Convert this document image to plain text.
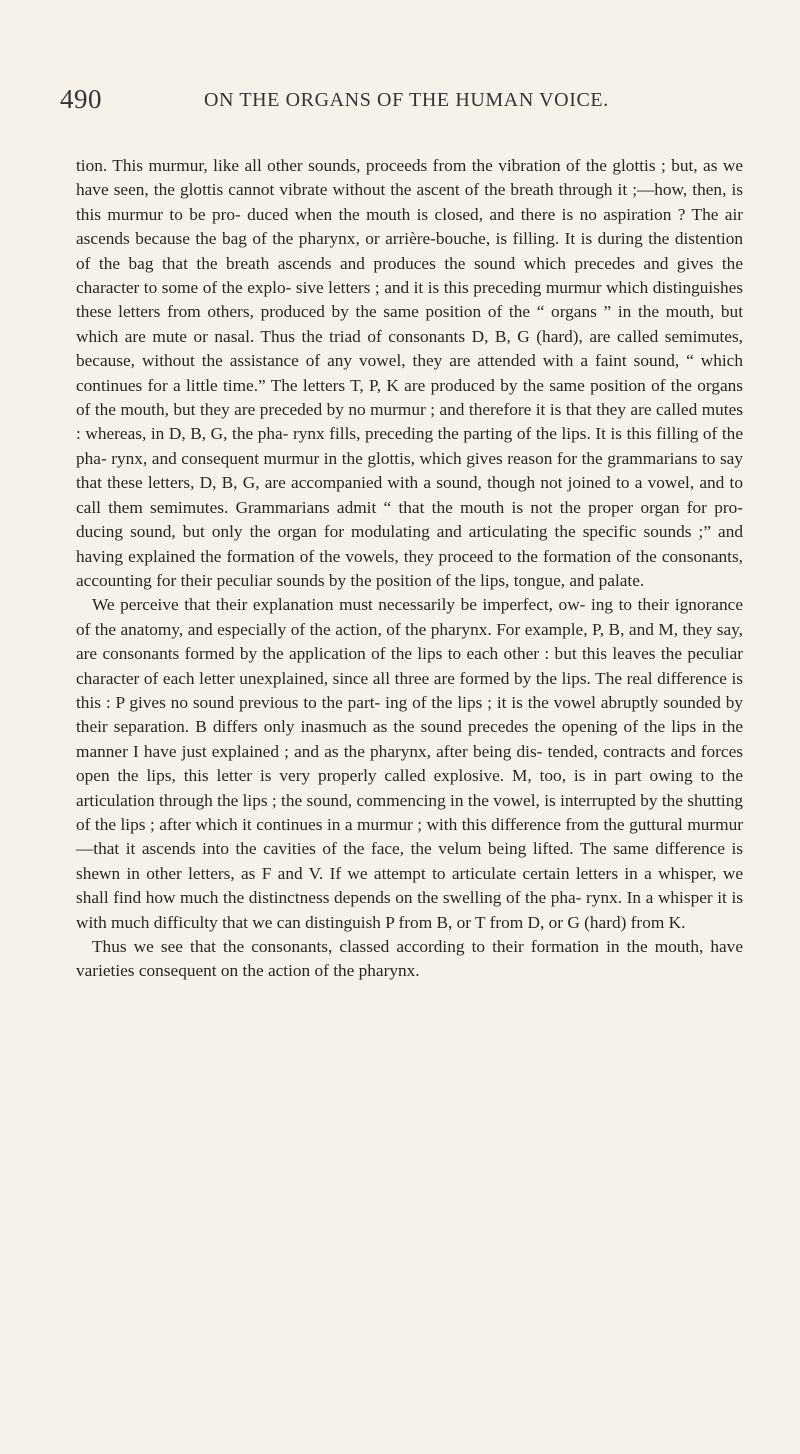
490	ON THE ORGANS OF THE HUMAN VOICE.

tion. This murmur, like all other sounds, proceeds from the vibration of the glottis ; but, as we have seen, the glottis cannot vibrate without the ascent of the breath through it ;—how, then, is this murmur to be pro- duced when the mouth is closed, and there is no aspiration ? The air ascends because the bag of the pharynx, or arrière-bouche, is filling. It is during the distention of the bag that the breath ascends and produces the sound which precedes and gives the character to some of the explo- sive letters ; and it is this preceding murmur which distinguishes these letters from others, produced by the same position of the “ organs ” in the mouth, but which are mute or nasal. Thus the triad of consonants D, B, G (hard), are called semimutes, because, without the assistance of any vowel, they are attended with a faint sound, “ which continues for a little time.” The letters T, P, K are produced by the same position of the organs of the mouth, but they are preceded by no murmur ; and therefore it is that they are called mutes : whereas, in D, B, G, the pha- rynx fills, preceding the parting of the lips. It is this filling of the pha- rynx, and consequent murmur in the glottis, which gives reason for the grammarians to say that these letters, D, B, G, are accompanied with a sound, though not joined to a vowel, and to call them semimutes. Grammarians admit “ that the mouth is not the proper organ for pro- ducing sound, but only the organ for modulating and articulating the specific sounds ;” and having explained the formation of the vowels, they proceed to the formation of the consonants, accounting for their peculiar sounds by the position of the lips, tongue, and palate.

We perceive that their explanation must necessarily be imperfect, ow- ing to their ignorance of the anatomy, and especially of the action, of the pharynx. For example, P, B, and M, they say, are consonants formed by the application of the lips to each other : but this leaves the peculiar character of each letter unexplained, since all three are formed by the lips. The real difference is this : P gives no sound previous to the part- ing of the lips ; it is the vowel abruptly sounded by their separation. B differs only inasmuch as the sound precedes the opening of the lips in the manner I have just explained ; and as the pharynx, after being dis- tended, contracts and forces open the lips, this letter is very properly called explosive. M, too, is in part owing to the articulation through the lips ; the sound, commencing in the vowel, is interrupted by the shutting of the lips ; after which it continues in a murmur ; with this difference from the guttural murmur—that it ascends into the cavities of the face, the velum being lifted. The same difference is shewn in other letters, as F and V. If we attempt to articulate certain letters in a whisper, we shall find how much the distinctness depends on the swelling of the pha- rynx. In a whisper it is with much difficulty that we can distinguish P from B, or T from D, or G (hard) from K.

Thus we see that the consonants, classed according to their formation in the mouth, have varieties consequent on the action of the pharynx.
